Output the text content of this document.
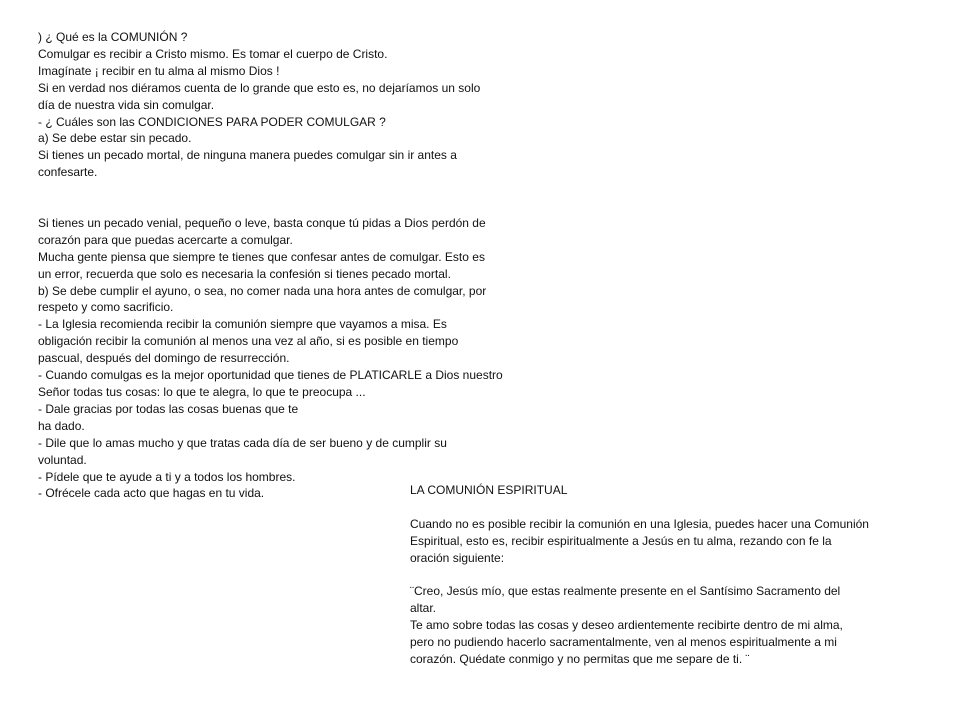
) ¿ Qué es la COMUNIÓN ?
Comulgar es recibir a Cristo mismo. Es tomar el cuerpo de Cristo.
Imagínate ¡ recibir en tu alma al mismo Dios !
Si en verdad nos diéramos cuenta de lo grande que esto es, no dejaríamos un solo
día de nuestra vida sin comulgar.
- ¿ Cuáles son las CONDICIONES PARA PODER COMULGAR ?
a) Se debe estar sin pecado.
Si tienes un pecado mortal, de ninguna manera puedes comulgar sin ir antes a
confesarte.
Si tienes un pecado venial, pequeño o leve, basta conque tú pidas a Dios perdón de
corazón para que puedas acercarte a comulgar.
Mucha gente piensa que siempre te tienes que confesar antes de comulgar. Esto es
un error, recuerda que solo es necesaria la confesión si tienes pecado mortal.
b) Se debe cumplir el ayuno, o sea, no comer nada una hora antes de comulgar, por
respeto y como sacrificio.
- La Iglesia recomienda recibir la comunión siempre que vayamos a misa. Es
obligación recibir la comunión al menos una vez al año, si es posible en tiempo
pascual, después del domingo de resurrección.
- Cuando comulgas es la mejor oportunidad que tienes de PLATICARLE a Dios nuestro
Señor todas tus cosas: lo que te alegra, lo que te preocupa ...
- Dale gracias por todas las cosas buenas que te
ha dado.
- Dile que lo amas mucho y que tratas cada día de ser bueno y de cumplir su
voluntad.
- Pídele que te ayude a ti y a todos los hombres.
- Ofrécele cada acto que hagas en tu vida.	LA COMUNIÓN ESPIRITUAL
Cuando no es posible recibir la comunión en una Iglesia, puedes hacer una Comunión
Espiritual, esto es, recibir espiritualmente a Jesús en tu alma, rezando con fe la
oración siguiente:
¨Creo, Jesús mío, que estas realmente presente en el Santísimo Sacramento del
altar.
Te amo sobre todas las cosas y deseo ardientemente recibirte dentro de mi alma,
pero no pudiendo hacerlo sacramentalmente, ven al menos espiritualmente a mi
corazón. Quédate conmigo y no permitas que me separe de ti. ¨
